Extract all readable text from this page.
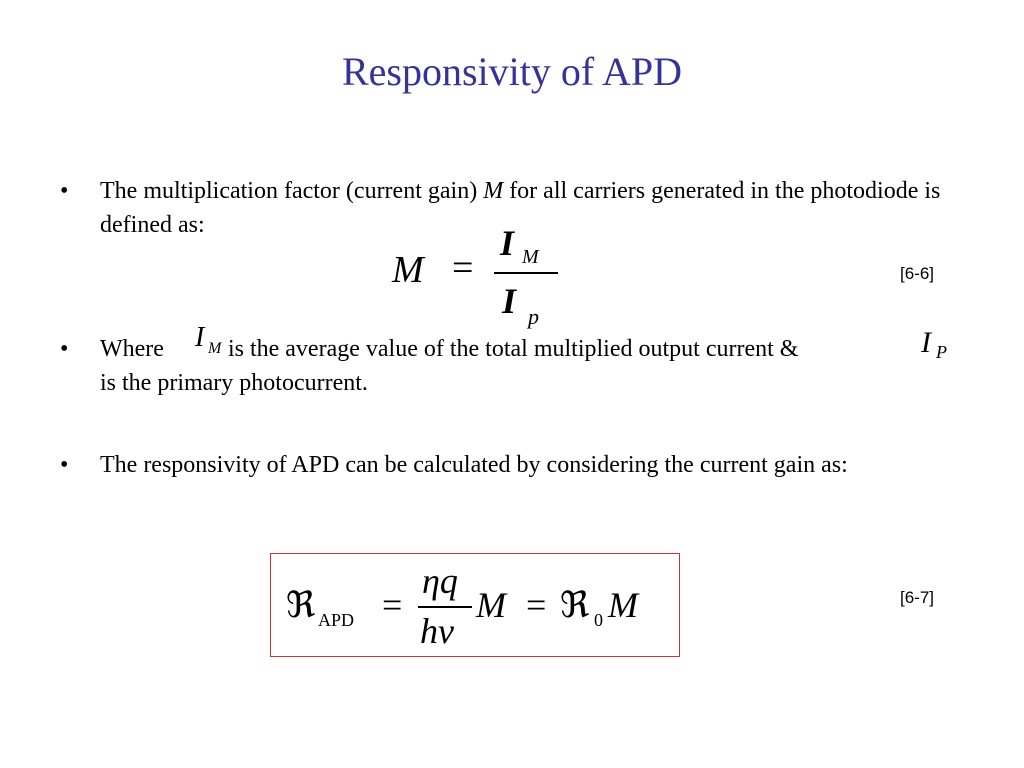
Responsivity of APD
• The multiplication factor (current gain) M for all carriers generated in the photodiode is defined as:
M =
I M
I p
[6-6]
• Where is the average value of the total multiplied output current &
is the primary photocurrent.
I M	I P
• The responsivity of APD can be calculated by considering the current gain as:
ℜ APD =
ηq
hν
M = ℜ 0 M	[6-7]
